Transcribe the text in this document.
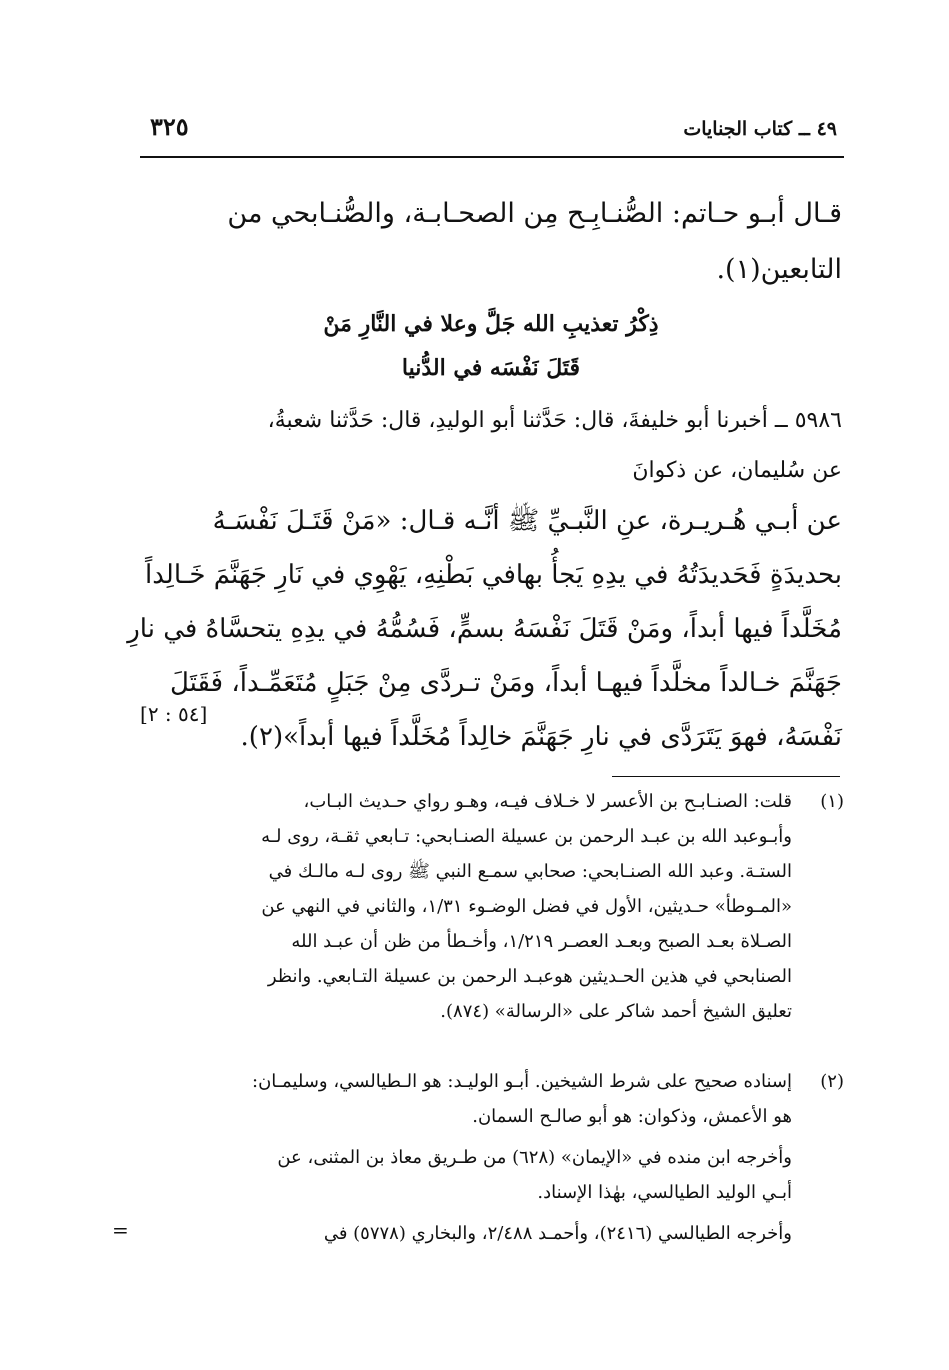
٤٩ ــ كتاب الجنايات
٣٢٥
قـال أبـو حـاتم: الصُّنـابِـح مِن الصحـابـة، والصُّنـابحي من
التابعين(١).
ذِكْرُ تعذيبِ الله جَلَّ وعلا في النَّارِ مَنْ
قَتَلَ نَفْسَه في الدُّنيا
٥٩٨٦ ــ أخبرنا أبو خليفةَ، قال: حَدَّثنا أبو الوليدِ، قال: حَدَّثنا شعبةُ،
عن سُليمان، عن ذكوانَ
عن أبـي هُـريـرة، عنِ النَّبـيِّ ﷺ أنَّـه قـال: «مَنْ قَتَـلَ نَفْسَـهُ
بحديدَةٍ فَحَديدَتُهُ في يدِهِ يَجأُ بهافي بَطْنِهِ، يَهْوِي في نَارِ جَهَنَّمَ خَـالِداً
مُخَلَّداً فيها أبداً، ومَنْ قَتَلَ نَفْسَهُ بسمٍّ، فَسُمُّهُ في يدِهِ يتحسَّاهُ في نارِ
جَهَنَّمَ خـالداً مخلَّداً فيهـا أبداً، ومَنْ تـردَّى مِنْ جَبَلٍ مُتَعَمِّـداً، فَقَتَلَ
نَفْسَهُ، فهوَ يَتَرَدَّى في نارِ جَهَنَّمَ خالِداً مُخَلَّداً فيها أبداً»(٢).
[٥٤ : ٢]
(١)
قلت: الصنـابـح بن الأعسر لا خـلاف فيـه، وهـو رواي حـديث البـاب،
وأبـوعبد الله بن عبـد الرحمن بن عسيلة الصنـابحي: تـابعي ثقـة، روى لـه
الستـة. وعبد الله الصنـابحي: صحابي سمـع النبي ﷺ روى لـه مالـك في
«المـوطأ» حـديثين، الأول في فضل الوضـوء ١/٣١، والثاني في النهي عن
الصـلاة بعـد الصبح وبعـد العصـر ١/٢١٩، وأخـطأ من ظن أن عبـد الله
الصنابحي في هذين الحـديثين هوعبـد الرحمن بن عسيلة التـابعي. وانظر
تعليق الشيخ أحمد شاكر على «الرسالة» (٨٧٤).
(٢)
إسناده صحيح على شرط الشيخين. أبـو الوليـد: هو الـطيالسي، وسليمـان:
هو الأعمش، وذكوان: هو أبو صالـح السمان.
وأخرجه ابن منده في «الإيمان» (٦٢٨) من طـريق معاذ بن المثنى، عن
أبـي الوليد الطيالسي، بهٰذا الإسناد.
وأخرجه الطيالسي (٢٤١٦)، وأحمـد ٢/٤٨٨، والبخاري (٥٧٧٨) في
=
